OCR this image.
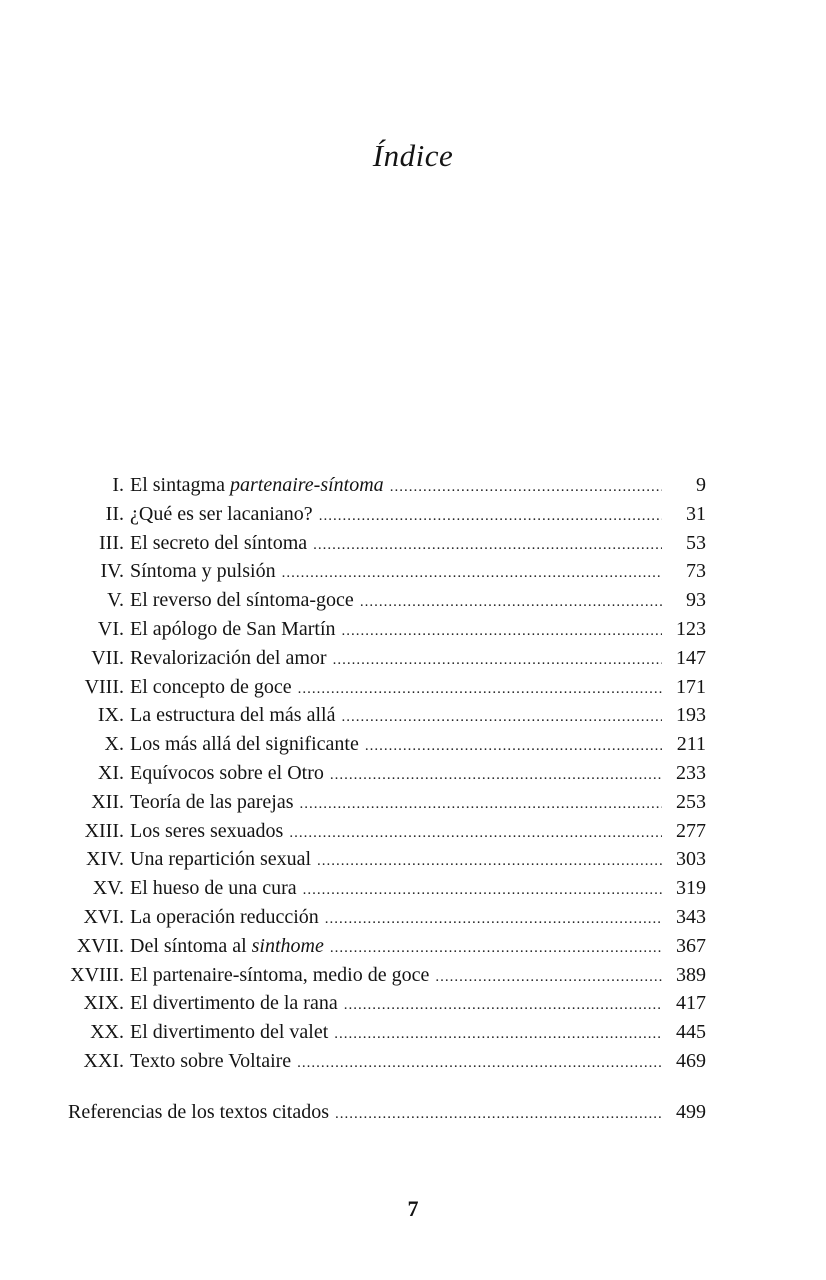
Índice
I. El sintagma partenaire-síntoma .....	9
II. ¿Qué es ser lacaniano? .....	31
III. El secreto del síntoma .....	53
IV. Síntoma y pulsión .....	73
V. El reverso del síntoma-goce .....	93
VI. El apólogo de San Martín .....	123
VII. Revalorización del amor .....	147
VIII. El concepto de goce .....	171
IX. La estructura del más allá .....	193
X. Los más allá del significante .....	211
XI. Equívocos sobre el Otro .....	233
XII. Teoría de las parejas .....	253
XIII. Los seres sexuados .....	277
XIV. Una repartición sexual .....	303
XV. El hueso de una cura .....	319
XVI. La operación reducción .....	343
XVII. Del síntoma al sinthome .....	367
XVIII. El partenaire-síntoma, medio de goce .....	389
XIX. El divertimento de la rana .....	417
XX. El divertimento del valet .....	445
XXI. Texto sobre Voltaire .....	469
Referencias de los textos citados .....	499
7
